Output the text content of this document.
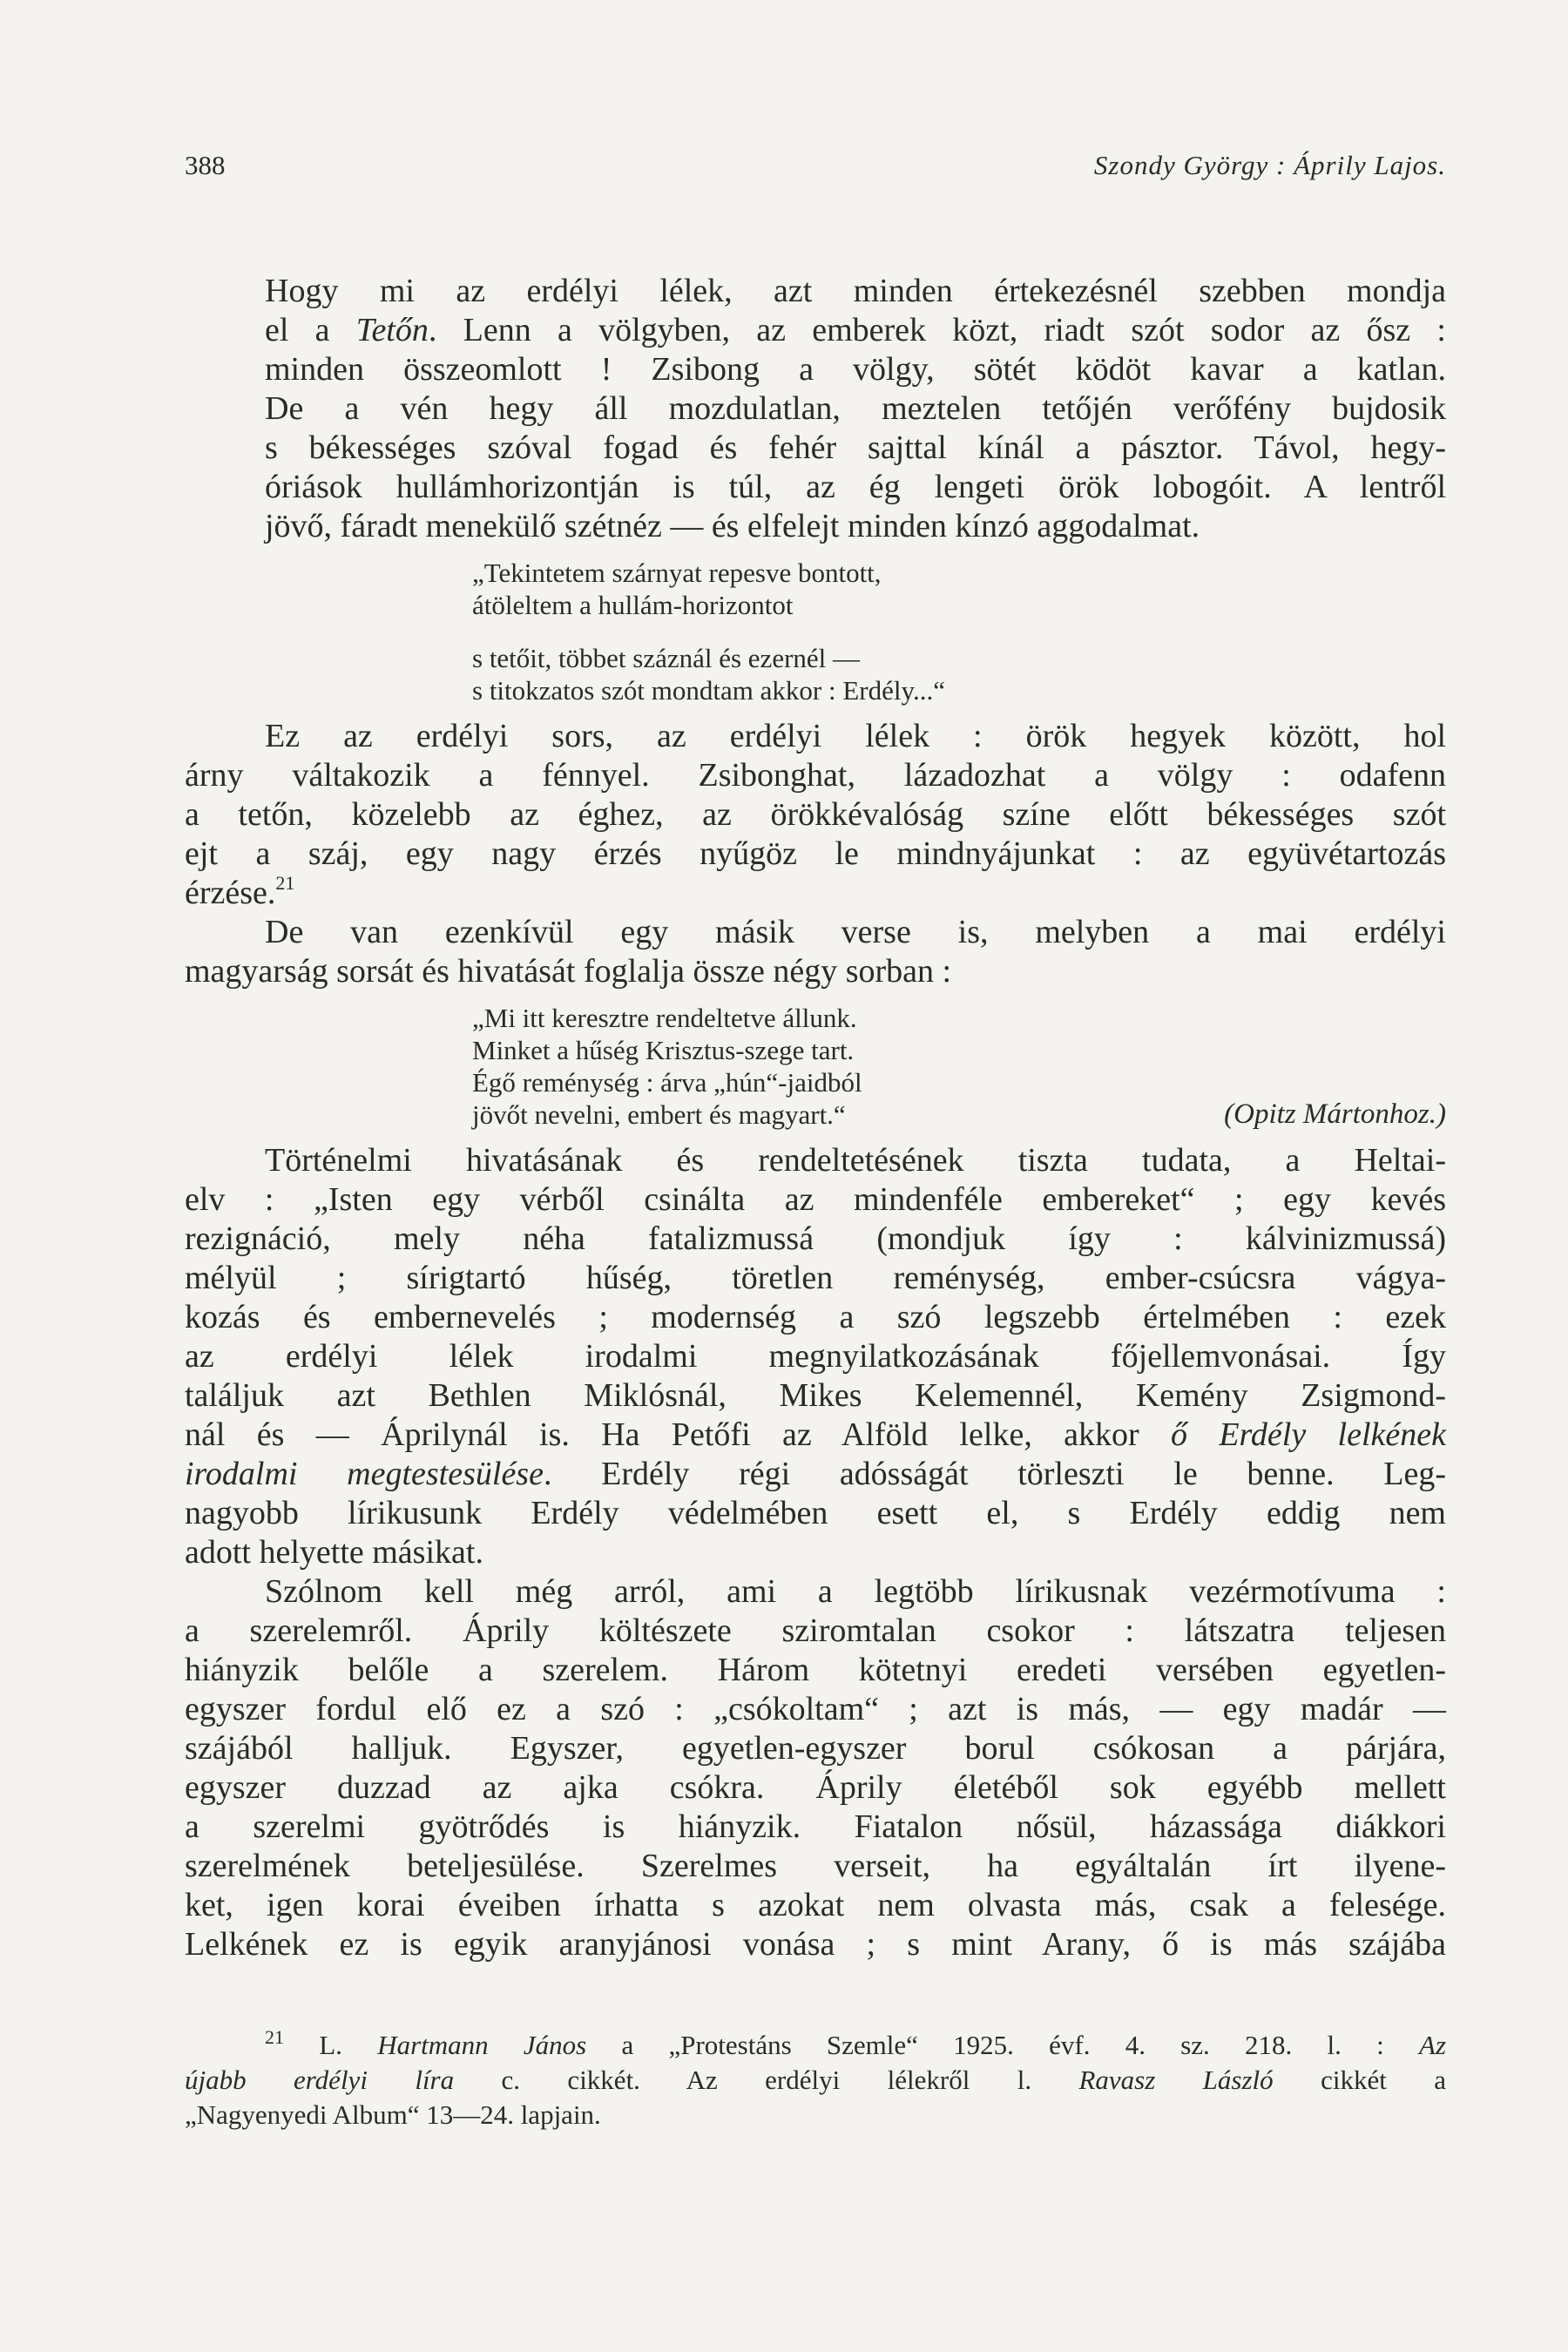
388	Szondy György : Áprily Lajos.
Hogy mi az erdélyi lélek, azt minden értekezésnél szebben mondja
el a Tetőn. Lenn a völgyben, az emberek közt, riadt szót sodor az ősz :
minden összeomlott ! Zsibong a völgy, sötét ködöt kavar a katlan.
De a vén hegy áll mozdulatlan, meztelen tetőjén verőfény bujdosik
s békességes szóval fogad és fehér sajttal kínál a pásztor. Távol, hegy-
óriások hullámhorizontján is túl, az ég lengeti örök lobogóit. A lentről
jövő, fáradt menekülő szétnéz — és elfelejt minden kínzó aggodalmat.
„Tekintetem szárnyat repesve bontott,
átöleltem a hullám-horizontot
s tetőit, többet száznál és ezernél —
s titokzatos szót mondtam akkor : Erdély...“
Ez az erdélyi sors, az erdélyi lélek : örök hegyek között, hol
árny váltakozik a fénnyel. Zsibonghat, lázadozhat a völgy : odafenn
a tetőn, közelebb az éghez, az örökkévalóság színe előtt békességes szót
ejt a száj, egy nagy érzés nyűgöz le mindnyájunkat : az együvétartozás
érzése.$^{21}$
De van ezenkívül egy másik verse is, melyben a mai erdélyi
magyarság sorsát és hivatását foglalja össze négy sorban :
„Mi itt keresztre rendeltetve állunk.
Minket a hűség Krisztus-szege tart.
Égő reménység : árva „hún“-jaidból
jövőt nevelni, embert és magyart.“	(Opitz Mártonhoz.)
Történelmi hivatásának és rendeltetésének tiszta tudata, a Heltai-
elv : „Isten egy vérből csinálta az mindenféle embereket“ ; egy kevés
rezignáció, mely néha fatalizmussá (mondjuk így : kálvinizmussá)
mélyül ; sírigtartó hűség, töretlen reménység, ember-csúcsra vágya-
kozás és embernevelés ; modernség a szó legszebb értelmében : ezek
az erdélyi lélek irodalmi megnyilatkozásának főjellemvonásai. Így
találjuk azt Bethlen Miklósnál, Mikes Kelemennél, Kemény Zsigmond-
nál és — Áprilynál is. Ha Petőfi az Alföld lelke, akkor ő Erdély lelkének
irodalmi megtestesülése. Erdély régi adósságát törleszti le benne. Leg-
nagyobb lírikusunk Erdély védelmében esett el, s Erdély eddig nem
adott helyette másikat.
Szólnom kell még arról, ami a legtöbb lírikusnak vezérmotívuma :
a szerelemről. Áprily költészete sziromtalan csokor : látszatra teljesen
hiányzik belőle a szerelem. Három kötetnyi eredeti versében egyetlen-
egyszer fordul elő ez a szó : „csókoltam“ ; azt is más, — egy madár —
szájából halljuk. Egyszer, egyetlen-egyszer borul csókosan a párjára,
egyszer duzzad az ajka csókra. Áprily életéből sok egyébb mellett
a szerelmi gyötrődés is hiányzik. Fiatalon nősül, házassága diákkori
szerelmének beteljesülése. Szerelmes verseit, ha egyáltalán írt ilyene-
ket, igen korai éveiben írhatta s azokat nem olvasta más, csak a felesége.
Lelkének ez is egyik aranyjánosi vonása ; s mint Arany, ő is más szájába
$^{21}$ L. Hartmann János a „Protestáns Szemle“ 1925. évf. 4. sz. 218. l. : Az
újabb erdélyi líra c. cikkét. Az erdélyi lélekről l. Ravasz László cikkét a
„Nagyenyedi Album“ 13—24. lapjain.
